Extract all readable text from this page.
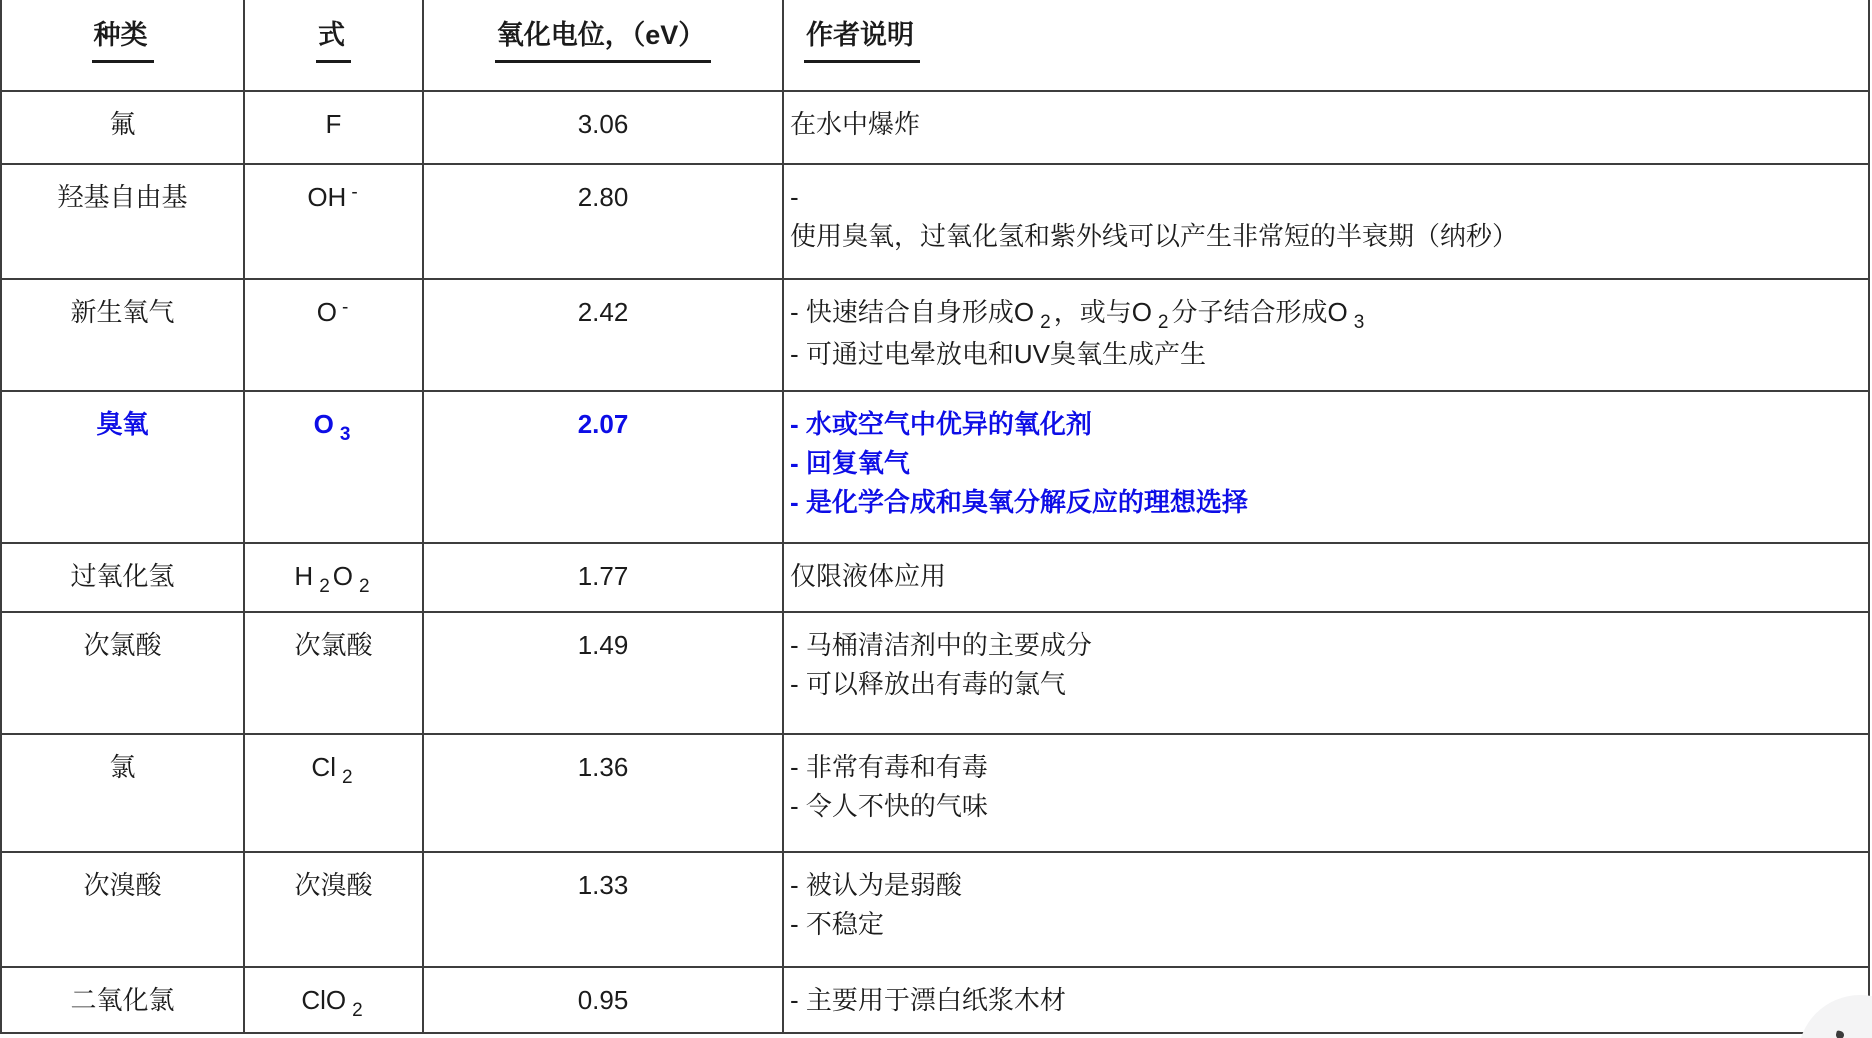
种类	式	氧化电位，（eV）	作者说明
氟	F	3.06	在水中爆炸

羟基自由基	OH -	2.80	-
使用臭氧，过氧化氢和紫外线可以产生非常短的半衰期（纳秒）

新生氧气	O -	2.42	- 快速结合自身形成O $_2$ ，或与O $_2$ 分子结合形成O $_3$
- 可通过电晕放电和UV臭氧生成产生

臭氧	O $_3$	2.07	- 水或空气中优异的氧化剂
- 回复氧气
- 是化学合成和臭氧分解反应的理想选择

过氧化氢	H $_2$ O $_2$	1.77	仅限液体应用

次氯酸	次氯酸	1.49	- 马桶清洁剂中的主要成分
- 可以释放出有毒的氯气

氯	Cl $_2$	1.36	- 非常有毒和有毒
- 令人不快的气味

次溴酸	次溴酸	1.33	- 被认为是弱酸
- 不稳定

二氧化氯	ClO $_2$	0.95	- 主要用于漂白纸浆木材
